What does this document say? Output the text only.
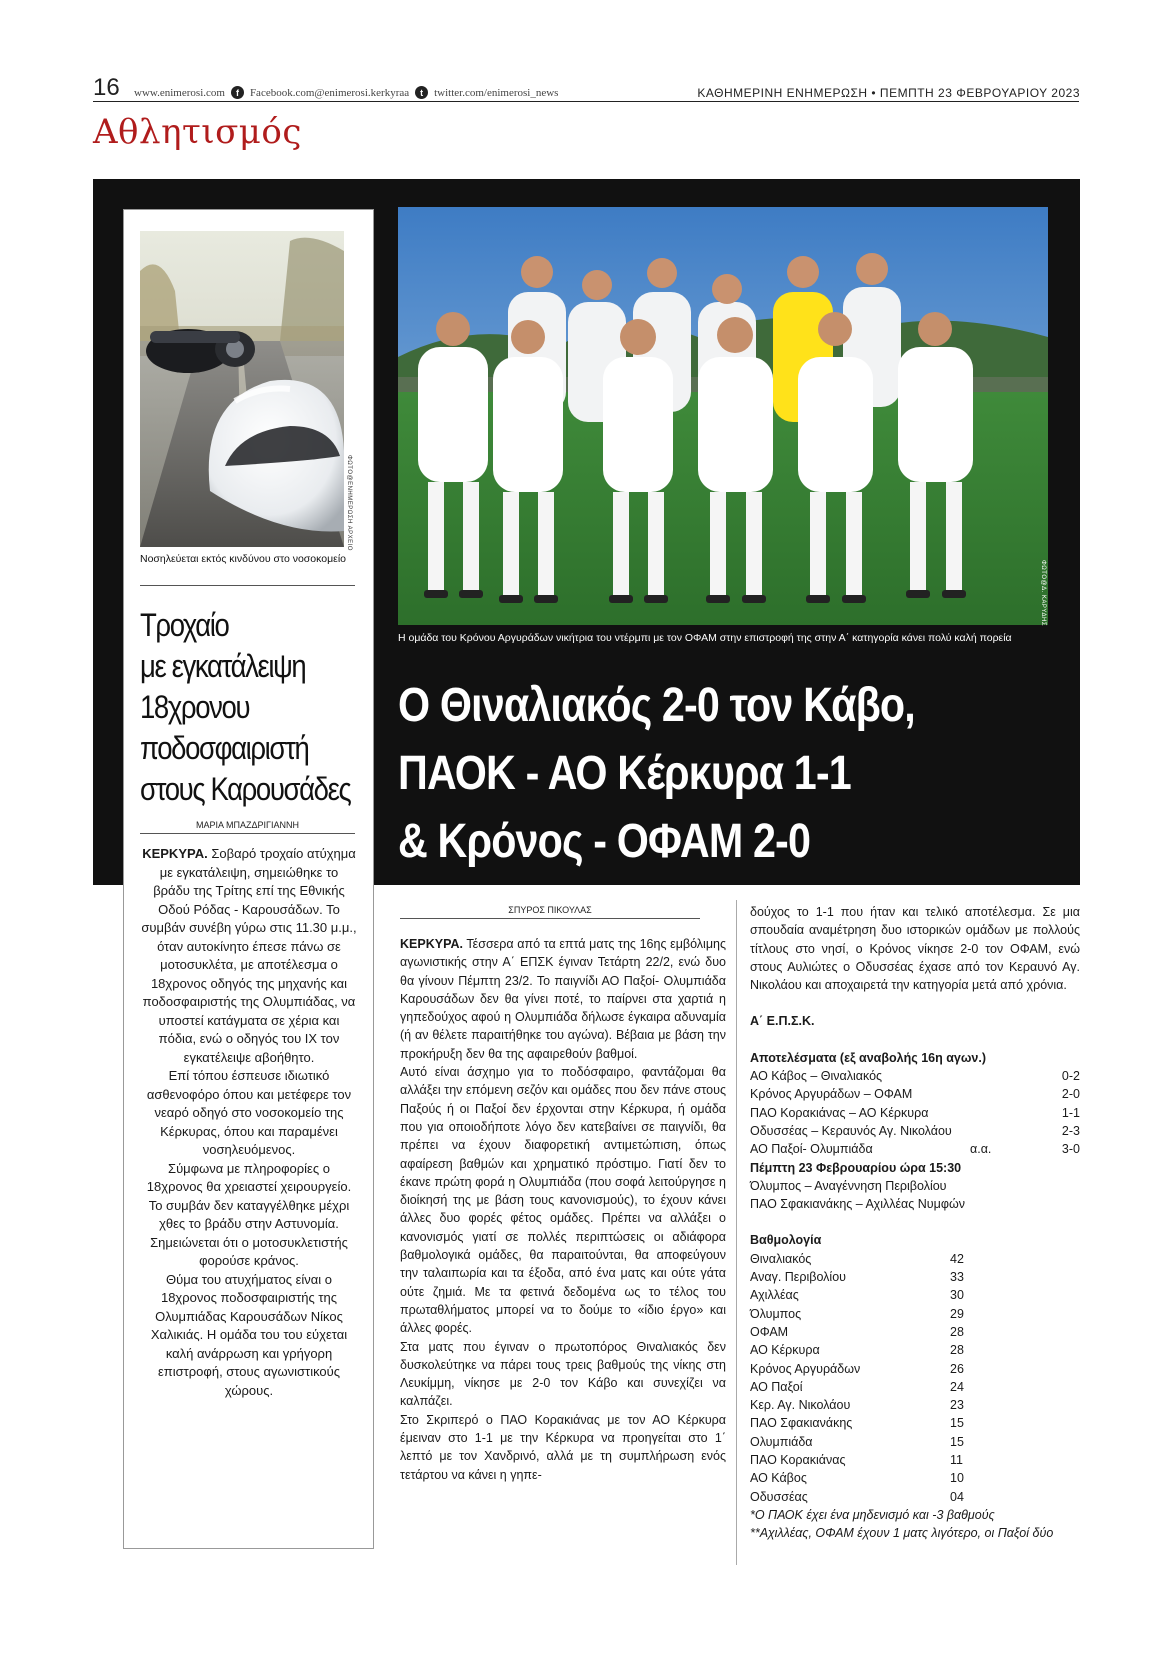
16 www.enimerosi.com	f	Facebook.com@enimerosi.kerkyraa	t	twitter.com/enimerosi_news	ΚΑΘΗΜΕΡΙΝΗ ΕΝΗΜΕΡΩΣΗ • ΠΕΜΠΤΗ 23 ΦΕΒΡΟΥΑΡΙΟΥ 2023
Αθλητισμός
ΦΩΤΟ@ΕΝΗΜΕΡΩΣΗ ΑΡΧΕΙΟ
Νοσηλεύεται εκτός κινδύνου στο νοσοκομείο
Τροχαίο
με εγκατάλειψη
18χρονου
ποδοσφαιριστή
στους Καρουσάδες
ΜΑΡΙΑ ΜΠΑΖΔΡΙΓΙΑΝΝΗ

ΚΕΡΚΥΡΑ. Σοβαρό τροχαίο ατύχημα με εγκατάλειψη, σημειώθηκε το βράδυ της Τρίτης επί της Εθνικής Οδού Ρόδας - Καρουσάδων. Το συμβάν συνέβη γύρω στις 11.30 μ.μ., όταν αυτοκίνητο έπεσε πάνω σε μοτοσυκλέτα, με αποτέλεσμα ο 18χρονος οδηγός της μηχανής και ποδοσφαιριστής της Ολυμπιάδας, να υποστεί κατάγματα σε χέρια και πόδια, ενώ ο οδηγός του ΙΧ τον εγκατέλειψε αβοήθητο.

Επί τόπου έσπευσε ιδιωτικό ασθενοφόρο όπου και μετέφερε τον νεαρό οδηγό στο νοσοκομείο της Κέρκυρας, όπου και παραμένει νοσηλευόμενος.

Σύμφωνα με πληροφορίες ο 18χρονος θα χρειαστεί χειρουργείο.

Το συμβάν δεν καταγγέλθηκε μέχρι χθες το βράδυ στην Αστυνομία. Σημειώνεται ότι ο μοτοσυκλετιστής φορούσε κράνος.

Θύμα του ατυχήματος είναι ο 18χρονος ποδοσφαιριστής της Ολυμπιάδας Καρουσάδων Νίκος Χαλικιάς. Η ομάδα του του εύχεται καλή ανάρρωση και γρήγορη επιστροφή, στους αγωνιστικούς χώρους.

ΦΩΤΟ@Δ. ΚΑΡΥΔΗΣ
Η ομάδα του Κρόνου Αργυράδων νικήτρια του ντέρμπι με τον ΟΦΑΜ στην επιστροφή της στην Α΄ κατηγορία κάνει πολύ καλή πορεία
Ο Θιναλιακός 2-0 τον Κάβο,
ΠΑΟΚ - ΑΟ Κέρκυρα 1-1
& Κρόνος - ΟΦΑΜ 2-0
ΣΠΥΡΟΣ ΠΙΚΟΥΛΑΣ

ΚΕΡΚΥΡΑ. Τέσσερα από τα επτά ματς της 16ης εμβόλιμης αγωνιστικής στην Α΄ ΕΠΣΚ έγιναν Τετάρτη 22/2, ενώ δυο θα γίνουν Πέμπτη 23/2. Το παιγνίδι ΑΟ Παξοί- Ολυμπιάδα Καρουσάδων δεν θα γίνει ποτέ, το παίρνει στα χαρτιά η γηπεδούχος αφού η Ολυμπιάδα δήλωσε έγκαιρα αδυναμία (ή αν θέλετε παραιτήθηκε του αγώνα). Βέβαια με βάση την προκήρυξη δεν θα της αφαιρεθούν βαθμοί.

Αυτό είναι άσχημο για το ποδόσφαιρο, φαντάζομαι θα αλλάξει την επόμενη σεζόν και ομάδες που δεν πάνε στους Παξούς ή οι Παξοί δεν έρχονται στην Κέρκυρα, ή ομάδα που για οποιοδήποτε λόγο δεν κατεβαίνει σε παιγνίδι, θα πρέπει να έχουν διαφορετική αντιμετώπιση, όπως αφαίρεση βαθμών και χρηματικό πρόστιμο. Γιατί δεν το έκανε πρώτη φορά η Ολυμπιάδα (που σοφά λειτούργησε η διοίκησή της με βάση τους κανονισμούς), το έχουν κάνει άλλες δυο φορές φέτος ομάδες. Πρέπει να αλλάξει ο κανονισμός γιατί σε πολλές περιπτώσεις οι αδιάφορα βαθμολογικά ομάδες, θα παραιτούνται, θα αποφεύγουν την ταλαιπωρία και τα έξοδα, από ένα ματς και ούτε γάτα ούτε ζημιά. Με τα φετινά δεδομένα ως το τέλος του πρωταθλήματος μπορεί να το δούμε το «ίδιο έργο» και άλλες φορές.

Στα ματς που έγιναν ο πρωτοπόρος Θιναλιακός δεν δυσκολεύτηκε να πάρει τους τρεις βαθμούς της νίκης στη Λευκίμμη, νίκησε με 2-0 τον Κάβο και συνεχίζει να καλπάζει.

Στο Σκριπερό ο ΠΑΟ Κορακιάνας με τον ΑΟ Κέρκυρα έμειναν στο 1-1 με την Κέρκυρα να προηγείται στο 1΄ λεπτό με τον Χανδρινό, αλλά με τη συμπλήρωση ενός τετάρτου να κάνει η γηπε-

δούχος το 1-1 που ήταν και τελικό αποτέλεσμα. Σε μια σπουδαία αναμέτρηση δυο ιστορικών ομάδων με πολλούς τίτλους στο νησί, ο Κρόνος νίκησε 2-0 τον ΟΦΑΜ, ενώ στους Αυλιώτες ο Οδυσσέας έχασε από τον Κεραυνό Αγ. Νικολάου και αποχαιρετά την κατηγορία μετά από χρόνια.

Α΄ Ε.Π.Σ.Κ.

Αποτελέσματα (εξ αναβολής 16η αγων.)

ΑΟ Κάβος – Θιναλιακός	0-2
Κρόνος Αργυράδων – ΟΦΑΜ	2-0
ΠΑΟ Κορακιάνας – ΑΟ Κέρκυρα	1-1
Οδυσσέας – Κεραυνός Αγ. Νικολάου	2-3
ΑΟ Παξοί- Ολυμπιάδα	α.α.	3-0

Πέμπτη 23 Φεβρουαρίου ώρα 15:30

Όλυμπος – Αναγέννηση Περιβολίου

ΠΑΟ Σφακιανάκης – Αχιλλέας Νυμφών

Βαθμολογία

Θιναλιακός	42
Αναγ. Περιβολίου	33
Αχιλλέας	30
Όλυμπος	29
ΟΦΑΜ	28
ΑΟ Κέρκυρα	28
Κρόνος Αργυράδων	26
ΑΟ Παξοί	24
Κερ. Αγ. Νικολάου	23
ΠΑΟ Σφακιανάκης	15
Ολυμπιάδα	15
ΠΑΟ Κορακιάνας	11
ΑΟ Κάβος	10
Οδυσσέας	04

*Ο ΠΑΟΚ έχει ένα μηδενισμό και -3 βαθμούς

**Αχιλλέας, ΟΦΑΜ έχουν 1 ματς λιγότερο, οι Παξοί δύο
